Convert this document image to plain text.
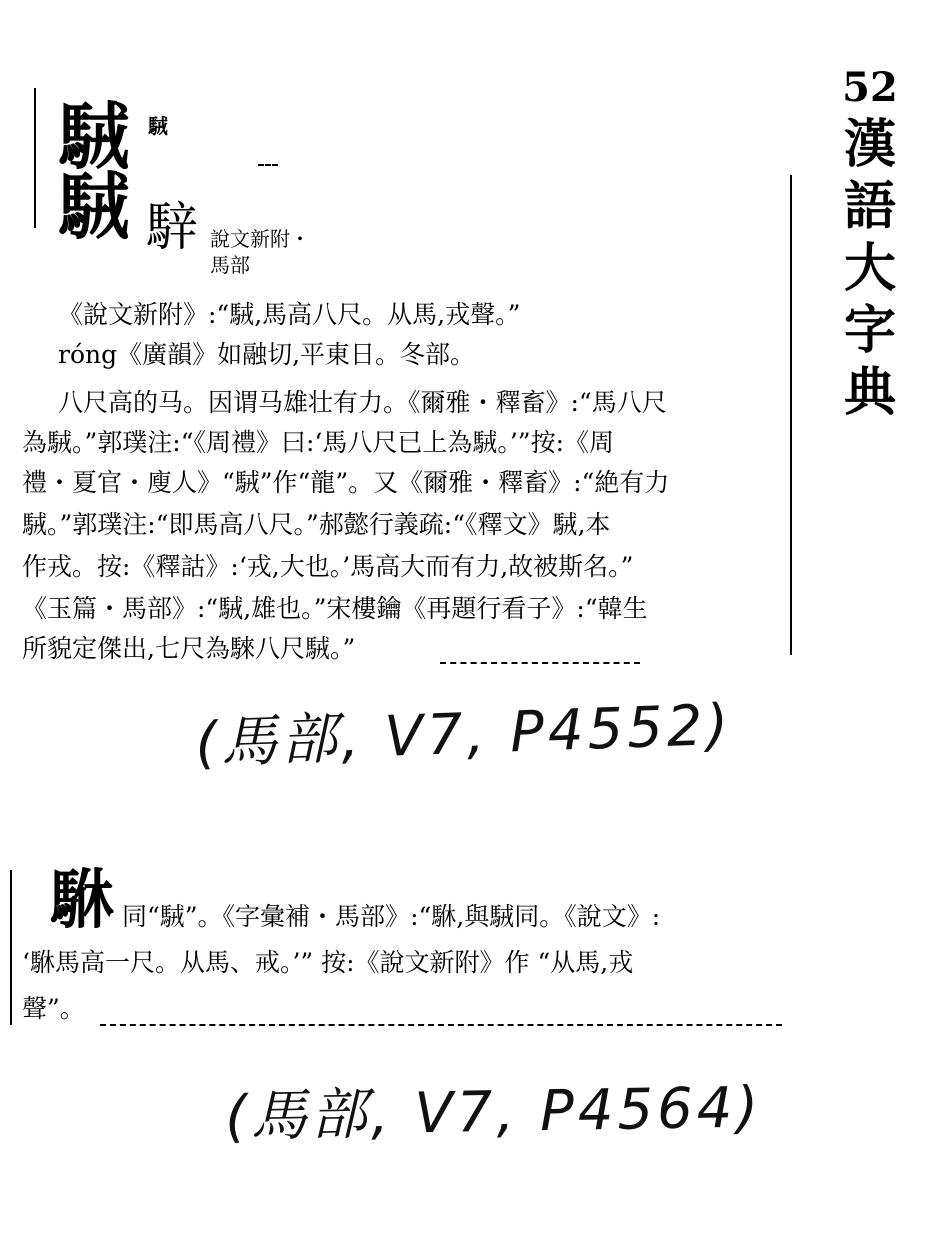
52
漢
語
大
字
典
駥
駥
駥
騂 說文新附・
馬部
《說文新附》:“駥,馬高八尺。从馬,戎聲。”
róng《廣韻》如融切,平東日。冬部。
八尺高的马。因谓马雄壮有力。《爾雅・釋畜》:“馬八尺
為駥。”郭璞注:“《周禮》曰:‘馬八尺已上為駥。’”按:《周
禮・夏官・廋人》“駥”作“龍”。又《爾雅・釋畜》:“絶有力
駥。”郭璞注:“即馬高八尺。”郝懿行義疏:“《釋文》駥,本
作戎。按:《釋詁》:‘戎,大也。’馬高大而有力,故被斯名。”
《玉篇・馬部》:“駥,雄也。”宋樓鑰《再題行看子》:“韓生
所貌定傑出,七尺為騋八尺駥。”
(馬部, V7, P4552)
䮌 同“駥”。《字彙補・馬部》:“䮌,與駥同。《說文》:
‘䮌馬高一尺。从馬、戒。’” 按:《說文新附》作 “从馬,戎
聲”。
(馬部, V7, P4564)
